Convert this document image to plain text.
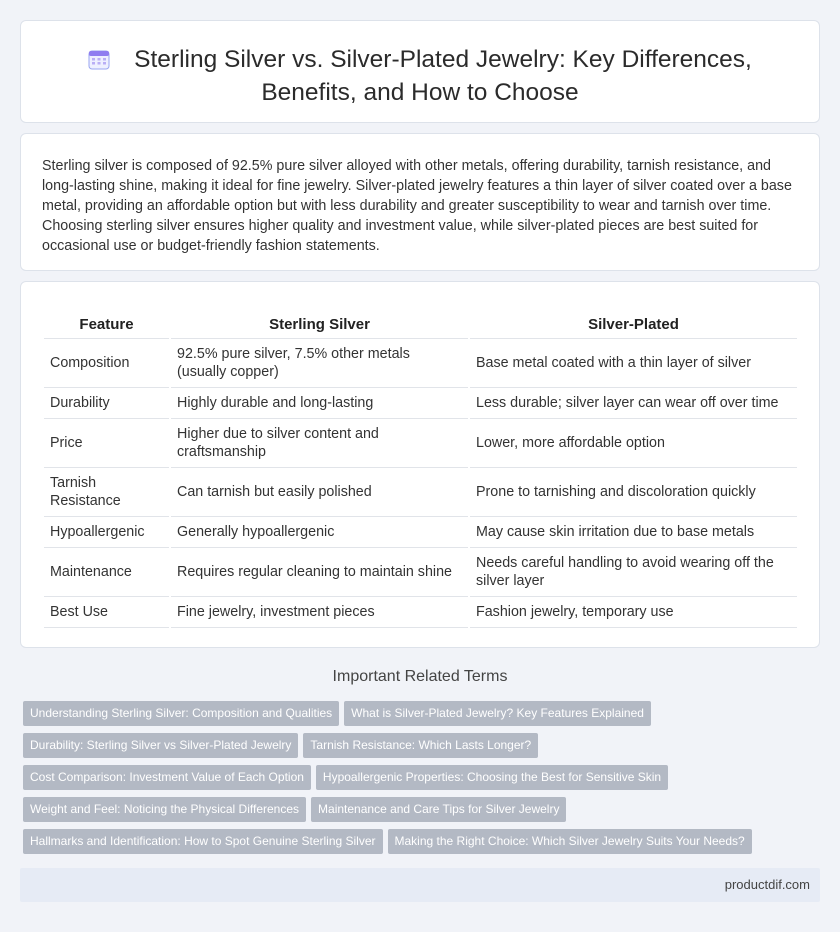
Sterling Silver vs. Silver-Plated Jewelry: Key Differences, Benefits, and How to Choose
Sterling silver is composed of 92.5% pure silver alloyed with other metals, offering durability, tarnish resistance, and long-lasting shine, making it ideal for fine jewelry. Silver-plated jewelry features a thin layer of silver coated over a base metal, providing an affordable option but with less durability and greater susceptibility to wear and tarnish over time. Choosing sterling silver ensures higher quality and investment value, while silver-plated pieces are best suited for occasional use or budget-friendly fashion statements.
Feature	Sterling Silver	Silver-Plated
Composition	92.5% pure silver, 7.5% other metals (usually copper)	Base metal coated with a thin layer of silver
Durability	Highly durable and long-lasting	Less durable; silver layer can wear off over time
Price	Higher due to silver content and craftsmanship	Lower, more affordable option
Tarnish Resistance	Can tarnish but easily polished	Prone to tarnishing and discoloration quickly
Hypoallergenic	Generally hypoallergenic	May cause skin irritation due to base metals
Maintenance	Requires regular cleaning to maintain shine	Needs careful handling to avoid wearing off the silver layer
Best Use	Fine jewelry, investment pieces	Fashion jewelry, temporary use
Important Related Terms
Understanding Sterling Silver: Composition and Qualities What is Silver-Plated Jewelry? Key Features Explained
Durability: Sterling Silver vs Silver-Plated Jewelry Tarnish Resistance: Which Lasts Longer?
Cost Comparison: Investment Value of Each Option Hypoallergenic Properties: Choosing the Best for Sensitive Skin
Weight and Feel: Noticing the Physical Differences Maintenance and Care Tips for Silver Jewelry
Hallmarks and Identification: How to Spot Genuine Sterling Silver Making the Right Choice: Which Silver Jewelry Suits Your Needs?
productdif.com
